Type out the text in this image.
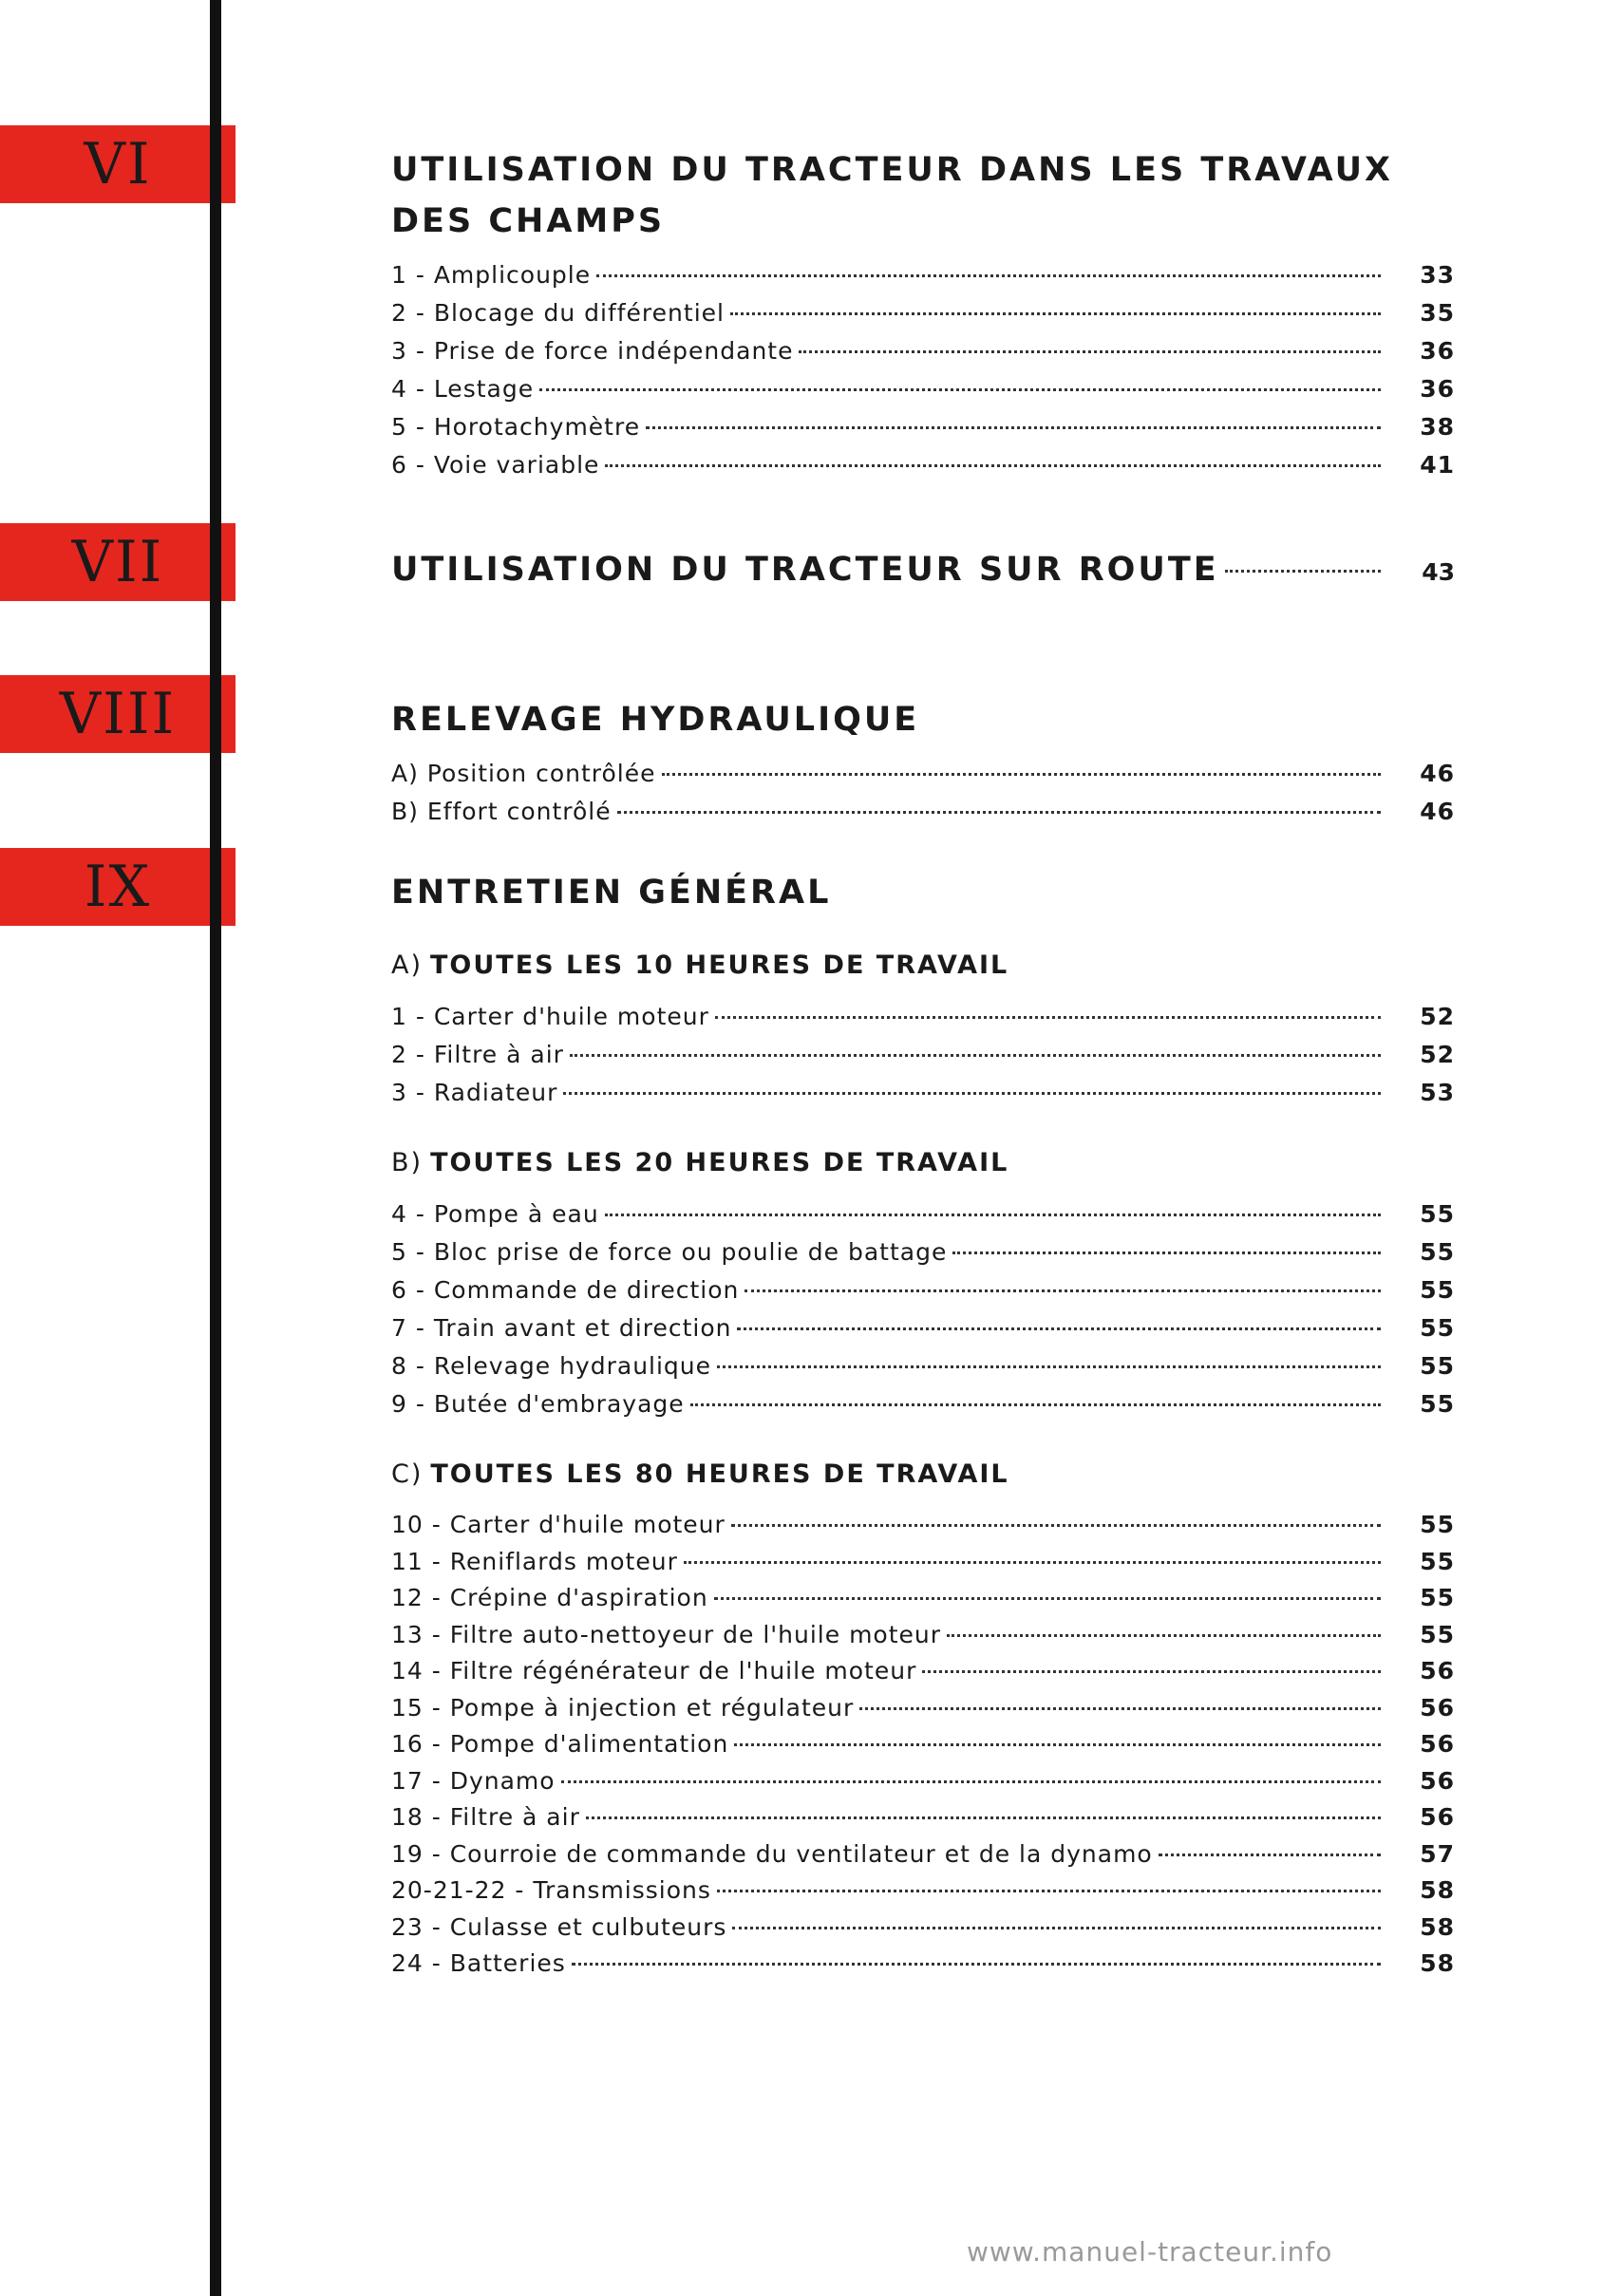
VI
VII
VIII
IX
UTILISATION DU TRACTEUR DANS LES TRAVAUX
DES CHAMPS
1 - Amplicouple	33
2 - Blocage du différentiel	35
3 - Prise de force indépendante	36
4 - Lestage	36
5 - Horotachymètre	38
6 - Voie variable	41
UTILISATION DU TRACTEUR SUR ROUTE	43
RELEVAGE HYDRAULIQUE
A) Position contrôlée	46
B) Effort contrôlé	46
ENTRETIEN GÉNÉRAL
A) TOUTES LES 10 HEURES DE TRAVAIL
1 - Carter d'huile moteur	52
2 - Filtre à air	52
3 - Radiateur	53
B) TOUTES LES 20 HEURES DE TRAVAIL
4 - Pompe à eau	55
5 - Bloc prise de force ou poulie de battage	55
6 - Commande de direction	55
7 - Train avant et direction	55
8 - Relevage hydraulique	55
9 - Butée d'embrayage	55
C) TOUTES LES 80 HEURES DE TRAVAIL
10 - Carter d'huile moteur	55
11 - Reniflards moteur	55
12 - Crépine d'aspiration	55
13 - Filtre auto-nettoyeur de l'huile moteur	55
14 - Filtre régénérateur de l'huile moteur	56
15 - Pompe à injection et régulateur	56
16 - Pompe d'alimentation	56
17 - Dynamo	56
18 - Filtre à air	56
19 - Courroie de commande du ventilateur et de la dynamo	57
20-21-22 - Transmissions	58
23 - Culasse et culbuteurs	58
24 - Batteries	58
www.manuel-tracteur.info
